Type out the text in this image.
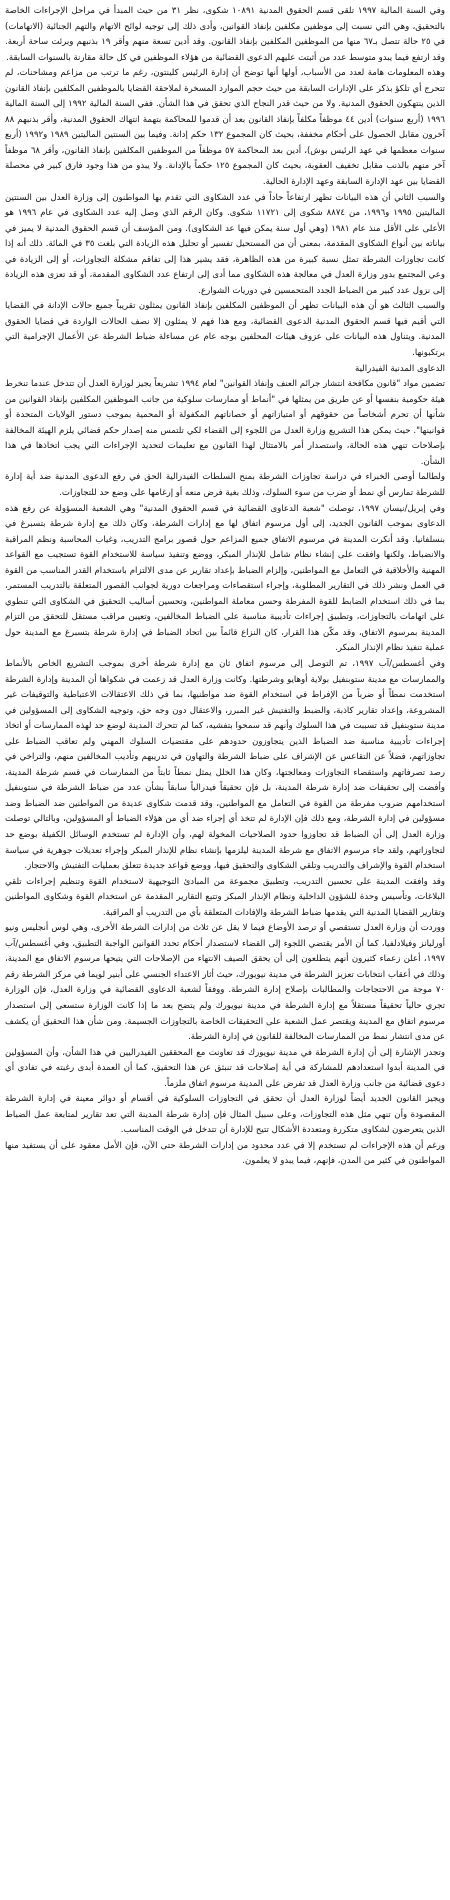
وفي السنة المالية ١٩٩٧ تلقى قسم الحقوق المدنية ١٠٨٩١ شكوى، نظر ٣١ من حيث المبدأ في مراحل الإجراءات الخاصة بالتحقيق، وهي التي نسبت إلى موظفين مكلفين بإنفاذ القوانين، وأدى ذلك إلى توجيه لوائح الاتهام والتهم الجنائية (الاتهامات) في ٢٥ حالة تتصل بـ٦٧ منها من الموظفين المكلفين بإنفاذ القانون. وقد أدين تسعة منهم وأقر ١٩ بذنبهم وبرئت ساحة أربعة. وقد ارتفع فيما يبدو متوسط عدد من أثبتت عليهم الدعوى القضائية من هؤلاء الموظفين في كل حالة مقارنة بالسنوات السابقة.

وهذه المعلومات هامة لعدد من الأسباب، أولها أنها توضح أن إدارة الرئيس كلينتون، رغم ما ترتب من مزاعم ومشاحنات، لم تتحرج أي تلكؤ بذكر على الإدارات السابقة من حيث حجم الموارد المسخرة لملاحقة القضايا بالموظفين المكلفين بإنفاذ القانون الذين ينتهكون الحقوق المدنية. ولا من حيث قدر النجاح الذي تحقق في هذا الشأن. ففي السنة المالية ١٩٩٢ إلى السنة المالية ١٩٩٦ (أربع سنوات) أدين ٤٤ موظفاً مكلفاً بإنفاذ القانون بعد أن قدموا للمحاكمة بتهمة انتهاك الحقوق المدنية، وأقر بذنبهم ٨٨ آخرون مقابل الحصول على أحكام مخففة، بحيث كان المجموع ١٣٢ حكم إدانة. وفيما بين السنتين الماليتين ١٩٨٩ و١٩٩٢ (أربع سنوات معظمها في عهد الرئيس بوش)، أدين بعد المحاكمة ٥٧ موظفاً من الموظفين المكلفين بإنفاذ القانون، وأقر ٦٨ موظفاً آخر منهم بالذنب مقابل تخفيف العقوبة، بحيث كان المجموع ١٢٥ حكماً بالإدانة. ولا يبدو من هذا وجود فارق كبير في محصلة القضايا بين عهد الإدارة السابقة وعهد الإدارة الحالية.

والسبب الثاني أن هذه البيانات تظهر ارتفاعاً حاداً في عدد الشكاوى التي تقدم بها المواطنون إلى وزارة العدل بين السنتين الماليتين ١٩٩٥ و١٩٩٦، من ٨٨٧٤ شكوى إلى ١١٧٢١ شكوى. وكان الرقم الذي وصل إليه عدد الشكاوى في عام ١٩٩٦ هو الأعلى على الأقل منذ عام ١٩٨١ (وهي أول سنة يمكن فيها عد الشكاوى). ومن المؤسف أن قسم الحقوق المدنية لا يميز في بياناته بين أنواع الشكاوى المقدمة، بمعنى أن من المستحيل تفسير أو تحليل هذه الزيادة التي بلغت ٣٥ في المائة. ذلك أنه إذا كانت تجاوزات الشرطة تمثل نسبة كبيرة من هذه الظاهرة، فقد يشير هذا إلى تفاقم مشكلة التجاوزات، أو إلى الزيادة في وعي المجتمع بدور وزارة العدل في معالجة هذه الشكاوى مما أدى إلى ارتفاع عدد الشكاوى المقدمة، أو قد تعزى هذه الزيادة إلى نزول عدد كبير من الضباط الجدد المتحمسين في دوريات الشوارع.

والسبب الثالث هو أن هذه البيانات تظهر أن الموظفين المكلفين بإنفاذ القانون يمثلون تقريباً جميع حالات الإدانة في القضايا التي أقيم فيها قسم الحقوق المدنية الدعوى القضائية، ومع هذا فهم لا يمثلون إلا نصف الحالات الواردة في قضايا الحقوق المدنية. ويتناول هذه البيانات على عزوف هيئات المحلفين بوجه عام عن مساءلة ضباط الشرطة عن الأعمال الإجرامية التي يرتكبونها.

الدعاوى المدنية الفيدرالية

تضمين مواد "قانون مكافحة انتشار جرائم العنف وإنفاذ القوانين" لعام ١٩٩٤ تشريعاً يجيز لوزارة العدل أن تتدخل عندما تنخرط هيئة حكومية بنفسها أو عن طريق من يمثلها في "أنماط أو ممارسات سلوكية من جانب الموظفين المكلفين بإنفاذ القوانين من شأنها أن تحرم أشخاصاً من حقوقهم أو امتيازاتهم أو حصاناتهم المكفولة أو المحمية بموجب دستور الولايات المتحدة أو قوانينها". حيث يمكن هذا التشريع وزارة العدل من اللجوء إلى القضاء لكي تلتمس منه إصدار حكم قضائي يلزم الهيئة المخالفة بإصلاحات تنهي هذه الحالة، واستصدار أمر بالامتثال لهذا القانون مع تعليمات لتحديد الإجراءات التي يجب اتخاذها في هذا الشأن.

ولطالما أوصى الخبراء في دراسة تجاوزات الشرطة بمنح السلطات الفيدرالية الحق في رفع الدعوى المدنية ضد أية إدارة للشرطة تمارس أي نمط أو ضرب من سوء السلوك، وذلك بغية فرض منعه أو إرغامها على وضع حد للتجاوزات.

وفي إبريل/نيسان ١٩٩٧، توصلت "شعبة الدعاوى القضائية في قسم الحقوق المدنية" وهي الشعبة المسؤولة عن رفع هذه الدعاوى بموجب القانون الجديد، إلى أول مرسوم اتفاق لها مع إدارات الشرطة، وكان ذلك مع إدارة شرطة بتسبرغ في بنسلفانيا. وقد أنكرت المدينة في مرسوم الاتفاق جميع المزاعم حول قصور برامج التدريب، وغياب المحاسبة ونظم المراقبة والانضباط، ولكنها وافقت على إنشاء نظام شامل للإنذار المبكر، ووضع وتنفيذ سياسة للاستخدام القوة تستجيب مع القواعد المهنية والأخلاقية في التعامل مع المواطنين، وإلزام الضباط بإعداد تقارير عن مدى الالتزام باستخدام القدر المناسب من القوة في العمل ونشر ذلك في التقارير المطلوبة، وإجراء استقصاءات ومراجعات دورية لجوانب القصور المتعلقة بالتدريب المستمر، بما في ذلك استخدام الضابط للقوة المفرطة وحسن معاملة المواطنين، وتحسين أساليب التحقيق في الشكاوى التي تنطوي على اتهامات بالتجاوزات، وتطبيق إجراءات تأديبية مناسبة على الضباط المخالفين، وتعيين مراقب مستقل للتحقق من التزام المدينة بمرسوم الاتفاق، وقد مكّن هذا القرار، كان النزاع قائماً بين اتحاد الضباط في إدارة شرطة بتسبرغ مع المدينة حول عملية تنفيذ نظام الإنذار المبكر.

وفي أغسطس/آب ١٩٩٧، تم التوصل إلى مرسوم اتفاق ثان مع إدارة شرطة أخرى بموجب التشريع الخاص بالأنماط والممارسات مع مدينة ستوبنفيل بولاية أوهايو وشرطتها. وكانت وزارة العدل قد زعمت في شكواها أن المدينة وإدارة الشرطة استخدمت نمطاً أو ضرباً من الإفراط في استخدام القوة ضد مواطنيها، بما في ذلك الاعتقالات الاعتباطية والتوقيفات غير المشروعة، وإعداد تقارير كاذبة، والضبط والتفتيش غير المبرر، والاعتقال دون وجه حق، وتوجيه الشكاوى إلى المسؤولين في مدينة ستوبنفيل قد تسببت في هذا السلوك وأنهم قد سمحوا بتفشيه، كما لم تتحرك المدينة لوضع حد لهذه الممارسات أو اتخاذ إجراءات تأديبية مناسبة ضد الضباط الذين يتجاوزون حدودهم على مقتضيات السلوك المهني ولم تعاقب الضباط على تجاوزاتهم، فضلاً عن التقاعس عن الإشراف على ضباط الشرطة والتهاون في تدريبهم وتأديب المخالفين منهم، والتراخي في رصد تصرفاتهم واستقصاء التجاوزات ومعالجتها، وكان هذا الخلل يمثل نمطاً ثابتاً من الممارسات في قسم شرطة المدينة، وأفضت إلى تحقيقات ضد إدارة شرطة المدينة، بل فإن تحقيقاً فيدرالياً سابقاً بشأن عدد من ضباط الشرطة في ستوبنفيل استخدامهم ضروب مفرطة من القوة في التعامل مع المواطنين، وقد قدمت شكاوى عديدة من المواطنين ضد الضباط وضد مسؤولين في إدارة الشرطة، ومع ذلك فإن الإدارة لم تتخذ أي إجراء ضد أي من هؤلاء الضباط أو المسؤولين، وبالتالي توصلت وزارة العدل إلى أن الضباط قد تجاوزوا حدود الصلاحيات المخولة لهم، وأن الإدارة لم تستخدم الوسائل الكفيلة بوضع حد لتجاوزاتهم، ولقد جاء مرسوم الاتفاق مع شرطة المدينة ليلزمها بإنشاء نظام للإنذار المبكر وإجراء تعديلات جوهرية في سياسة استخدام القوة والإشراف والتدريب وتلقي الشكاوى والتحقيق فيها، ووضع قواعد جديدة تتعلق بعمليات التفتيش والاحتجاز.

وقد وافقت المدينة على تحسين التدريب، وتطبيق مجموعة من المبادئ التوجيهية لاستخدام القوة وتنظيم إجراءات تلقي البلاغات، وتأسيس وحدة للشؤون الداخلية ونظام الإنذار المبكر وتتبع التقارير المقدمة عن استخدام القوة وشكاوى المواطنين وتقارير القضايا المدنية التي يقدمها ضباط الشرطة والإفادات المتعلقة بأي من التدريب أو المراقبة.

ووردت أن وزارة العدل تستقصي أو ترصد الأوضاع فيما لا يقل عن ثلاث من إدارات الشرطة الأخرى، وهي لوس أنجليس ونيو أورليانز وفيلادلفيا، كما أن الأمر يقتضي اللجوء إلى القضاء لاستصدار أحكام تحدد القوانين الواجبة التطبيق، وفي أغسطس/آب ١٩٩٧، أعلن زعماء كثيرون أنهم يتطلعون إلى أن يحقق الصيف الانتهاء من الإصلاحات التي يتيحها مرسوم الاتفاق مع المدينة، وذلك في أعقاب انتخابات تعزيز الشرطة في مدينة نيويورك، حيث أثار الاعتداء الجنسي على أبنير لويما في مركز الشرطة رقم ٧٠ موجة من الاحتجاجات والمطالبات بإصلاح إدارة الشرطة. ووفقاً لشعبة الدعاوى القضائية في وزارة العدل، فإن الوزارة تجري حالياً تحقيقاً مستقلاً مع إدارة الشرطة في مدينة نيويورك ولم يتضح بعد ما إذا كانت الوزارة ستسعى إلى استصدار مرسوم اتفاق مع المدينة ويقتصر عمل الشعبة على التحقيقات الخاصة بالتجاوزات الجسيمة. ومن شأن هذا التحقيق أن يكشف عن مدى انتشار نمط من الممارسات المخالفة للقانون في إدارة الشرطة.

وتجدر الإشارة إلى أن إدارة الشرطة في مدينة نيويورك قد تعاونت مع المحققين الفيدراليين في هذا الشأن، وأن المسؤولين في المدينة أبدوا استعدادهم للمشاركة في أية إصلاحات قد تنبثق عن هذا التحقيق، كما أن العمدة أبدى رغبته في تفادي أي دعوى قضائية من جانب وزارة العدل قد تفرض على المدينة مرسوم اتفاق ملزماً.

ويجيز القانون الجديد أيضاً لوزارة العدل أن تحقق في التجاوزات السلوكية في أقسام أو دوائر معينة في إدارة الشرطة المقصودة وأن تنهي مثل هذه التجاوزات، وعلى سبيل المثال فإن إدارة شرطة المدينة التي تعد تقارير لمتابعة عمل الضباط الذين يتعرضون لشكاوى متكررة ومتعددة الأشكال تتيح للإدارة أن تتدخل في الوقت المناسب.

ورغم أن هذه الإجراءات لم تستخدم إلا في عدد محدود من إدارات الشرطة حتى الآن، فإن الأمل معقود على أن يستفيد منها المواطنون في كثير من المدن، فإنهم، فيما يبدو لا يعلمون.
